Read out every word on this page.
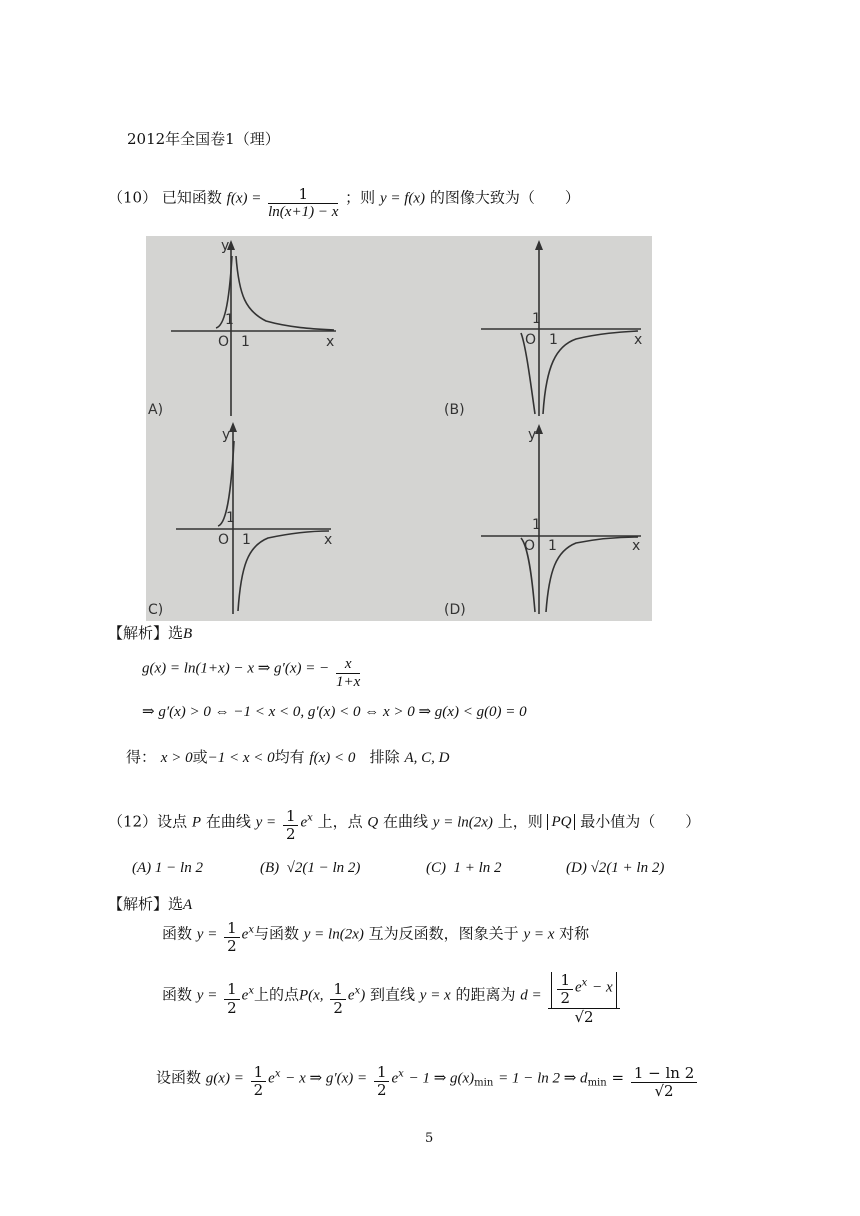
2012年全国卷1（理）
（10） 已知函数 $f(x) = \frac{1}{\ln(x+1) - x}$ ；则 y = f(x) 的图像大致为（　　）
A)
y
O 1
1
x
(B)
O 1
1
x
C)
y
O 1
1
x
(D)
y
O 1
1
x
【解析】选B
g(x) = ln(1+x) − x ⇒ g′(x) = − $\frac{x}{1+x}$
⇒ g′(x) > 0 ⇔ −1 < x < 0, g′(x) < 0 ⇔ x > 0 ⇒ g(x) < g(0) = 0
得： x > 0或−1 < x < 0均有 f(x) < 0 排除 A, C, D
（12）设点 P 在曲线 $y = \frac{1}{2} e^x$ 上，点 Q 在曲线 y = ln(2x) 上，则 PQ 最小值为（　　）
(A) 1 − ln 2	(B) √2(1 − ln 2)	(C) 1 + ln 2	(D) √2(1 + ln 2)
【解析】选A
函数 $y = \frac{1}{2} e^x$与函数 y = ln(2x) 互为反函数，图象关于 y = x 对称
函数 $y = \frac{1}{2} e^x$上的点P(x, $\frac{1}{2} e^x$) 到直线 y = x 的距离为 $d = \frac{\frac{1}{2} e^x - x}{√2}$
设函数 $g(x) = \frac{1}{2} e^x - x$ ⇒ $g'(x) = \frac{1}{2} e^x - 1$ ⇒ $g(x)_{min} = 1 - \ln 2$ ⇒ $d_{min} = \frac{1 - \ln 2}{√2}$
5
